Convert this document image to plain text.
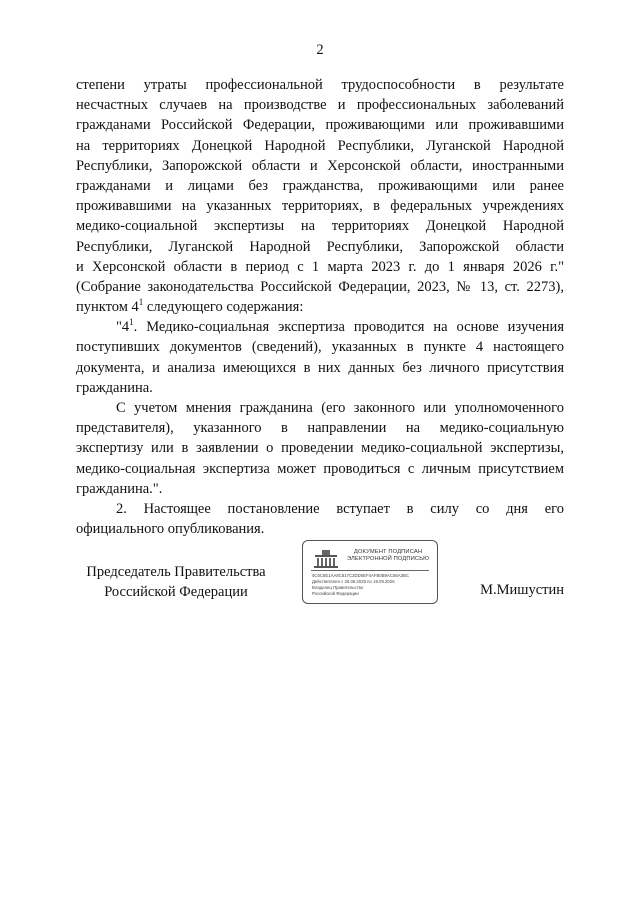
2
степени утраты профессиональной трудоспособности в результате
несчастных случаев на производстве и профессиональных заболеваний
гражданами Российской Федерации, проживающими или проживавшими
на территориях Донецкой Народной Республики, Луганской Народной
Республики, Запорожской области и Херсонской области, иностранными
гражданами и лицами без гражданства, проживающими или ранее
проживавшими на указанных территориях, в федеральных учреждениях
медико-социальной экспертизы на территориях Донецкой Народной
Республики, Луганской Народной Республики, Запорожской области
и Херсонской области в период с 1 марта 2023 г. до 1 января 2026 г."
(Собрание законодательства Российской Федерации, 2023, № 13, ст. 2273),
пунктом $4^1$ следующего содержания:
"$4^1$. Медико-социальная экспертиза проводится на основе изучения
поступивших документов (сведений), указанных в пункте 4 настоящего
документа, и анализа имеющихся в них данных без личного присутствия
гражданина.
С учетом мнения гражданина (его законного или уполномоченного
представителя), указанного в направлении на медико-социальную
экспертизу или в заявлении о проведении медико-социальной экспертизы,
медико-социальная экспертиза может проводиться с личным присутствием
гражданина.".
2. Настоящее постановление вступает в силу со дня его
официального опубликования.
Председатель Правительства
Российской Федерации
ДОКУМЕНТ ПОДПИСАН ЭЛЕКТРОННОЙ ПОДПИСЬЮ
0C6C6E1AA8C617C2DD0EF4AFB0B9AC56A3BC
Действителен с 26.06.2025 по 19.09.2026
Владелец Правительство Российской Федерации	М.Мишустин
